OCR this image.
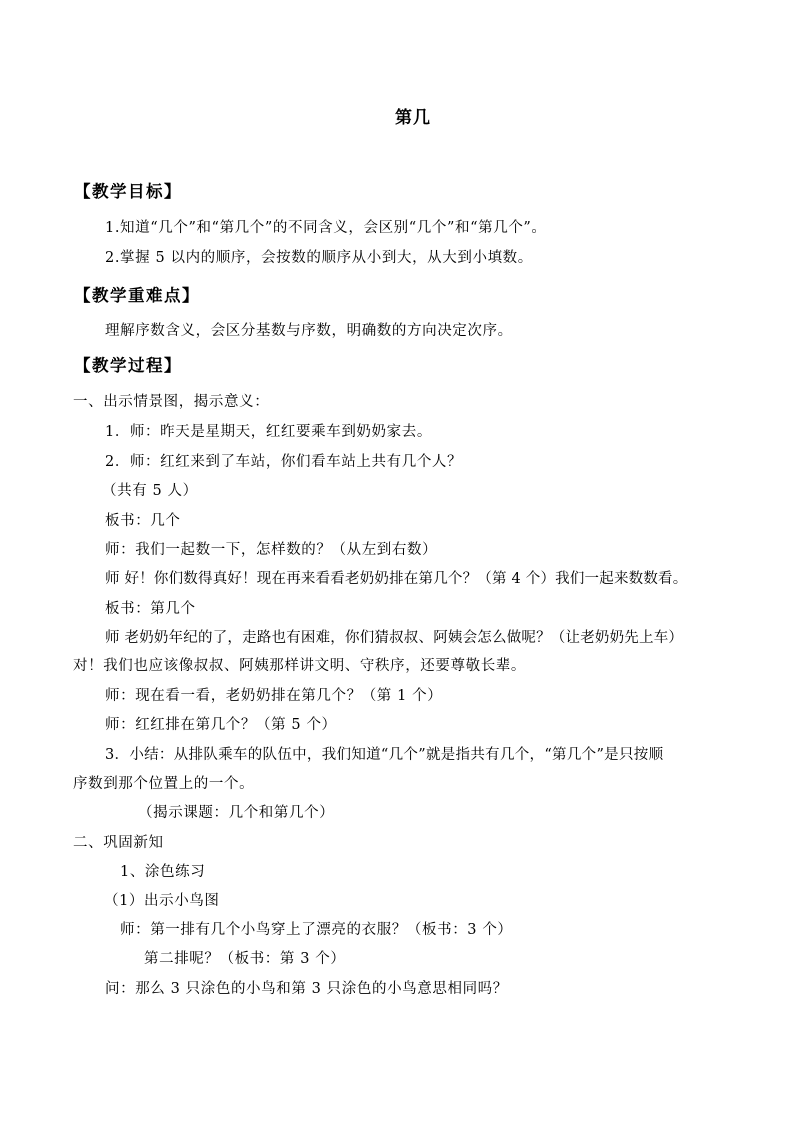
第几
【教学目标】
1.知道“几个”和“第几个”的不同含义，会区别“几个”和“第几个”。
2.掌握 5 以内的顺序，会按数的顺序从小到大，从大到小填数。
【教学重难点】
理解序数含义，会区分基数与序数，明确数的方向决定次序。
【教学过程】
一、出示情景图，揭示意义：
1．师：昨天是星期天，红红要乘车到奶奶家去。
2．师：红红来到了车站，你们看车站上共有几个人？
（共有 5 人）
板书：几个
师：我们一起数一下，怎样数的？（从左到右数）
师 好！你们数得真好！现在再来看看老奶奶排在第几个？（第 4 个）我们一起来数数看。
板书：第几个
师 老奶奶年纪的了，走路也有困难，你们猜叔叔、阿姨会怎么做呢？（让老奶奶先上车）
对！我们也应该像叔叔、阿姨那样讲文明、守秩序，还要尊敬长辈。
师：现在看一看，老奶奶排在第几个？（第 1 个）
师：红红排在第几个？（第 5 个）
3．小结：从排队乘车的队伍中，我们知道“几个”就是指共有几个，“第几个”是只按顺
序数到那个位置上的一个。
（揭示课题：几个和第几个）
二、巩固新知
1、涂色练习
（1）出示小鸟图
师：第一排有几个小鸟穿上了漂亮的衣服？（板书：3 个）
第二排呢？（板书：第 3 个）
问：那么 3 只涂色的小鸟和第 3 只涂色的小鸟意思相同吗？
